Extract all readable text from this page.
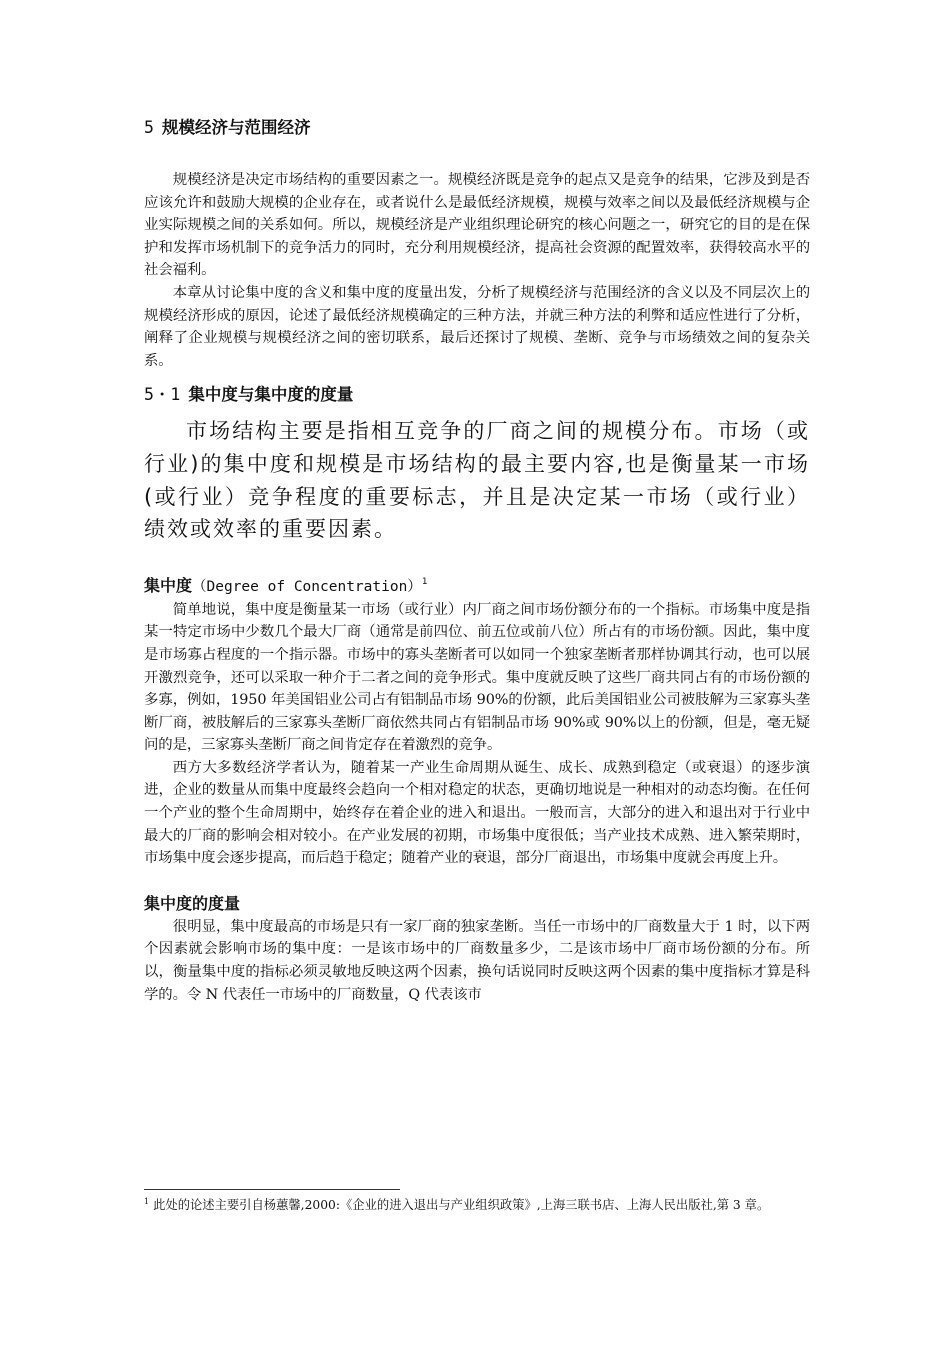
5 规模经济与范围经济

规模经济是决定市场结构的重要因素之一。规模经济既是竞争的起点又是竞争的结果，它涉及到是否应该允许和鼓励大规模的企业存在，或者说什么是最低经济规模，规模与效率之间以及最低经济规模与企业实际规模之间的关系如何。所以，规模经济是产业组织理论研究的核心问题之一，研究它的目的是在保护和发挥市场机制下的竞争活力的同时，充分利用规模经济，提高社会资源的配置效率，获得较高水平的社会福利。

本章从讨论集中度的含义和集中度的度量出发，分析了规模经济与范围经济的含义以及不同层次上的规模经济形成的原因，论述了最低经济规模确定的三种方法，并就三种方法的利弊和适应性进行了分析，阐释了企业规模与规模经济之间的密切联系，最后还探讨了规模、垄断、竞争与市场绩效之间的复杂关系。

5・1 集中度与集中度的度量

市场结构主要是指相互竞争的厂商之间的规模分布。市场（或行业)的集中度和规模是市场结构的最主要内容,也是衡量某一市场(或行业）竞争程度的重要标志，并且是决定某一市场（或行业）绩效或效率的重要因素。

集中度（Degree of Concentration）$^1$

简单地说，集中度是衡量某一市场（或行业）内厂商之间市场份额分布的一个指标。市场集中度是指某一特定市场中少数几个最大厂商（通常是前四位、前五位或前八位）所占有的市场份额。因此，集中度是市场寡占程度的一个指示器。市场中的寡头垄断者可以如同一个独家垄断者那样协调其行动，也可以展开激烈竞争，还可以采取一种介于二者之间的竞争形式。集中度就反映了这些厂商共同占有的市场份额的多寡，例如，1950 年美国铝业公司占有铝制品市场 90%的份额，此后美国铝业公司被肢解为三家寡头垄断厂商，被肢解后的三家寡头垄断厂商依然共同占有铝制品市场 90%或 90%以上的份额，但是，毫无疑问的是，三家寡头垄断厂商之间肯定存在着激烈的竞争。

西方大多数经济学者认为，随着某一产业生命周期从诞生、成长、成熟到稳定（或衰退）的逐步演进，企业的数量从而集中度最终会趋向一个相对稳定的状态，更确切地说是一种相对的动态均衡。在任何一个产业的整个生命周期中，始终存在着企业的进入和退出。一般而言，大部分的进入和退出对于行业中最大的厂商的影响会相对较小。在产业发展的初期，市场集中度很低；当产业技术成熟、进入繁荣期时，市场集中度会逐步提高，而后趋于稳定；随着产业的衰退，部分厂商退出，市场集中度就会再度上升。

集中度的度量

很明显，集中度最高的市场是只有一家厂商的独家垄断。当任一市场中的厂商数量大于 1 时，以下两个因素就会影响市场的集中度：一是该市场中的厂商数量多少，二是该市场中厂商市场份额的分布。所以，衡量集中度的指标必须灵敏地反映这两个因素，换句话说同时反映这两个因素的集中度指标才算是科学的。令 N 代表任一市场中的厂商数量，Q 代表该市

$^1$ 此处的论述主要引自杨蕙馨,2000:《企业的进入退出与产业组织政策》,上海三联书店、上海人民出版社,第 3 章。
